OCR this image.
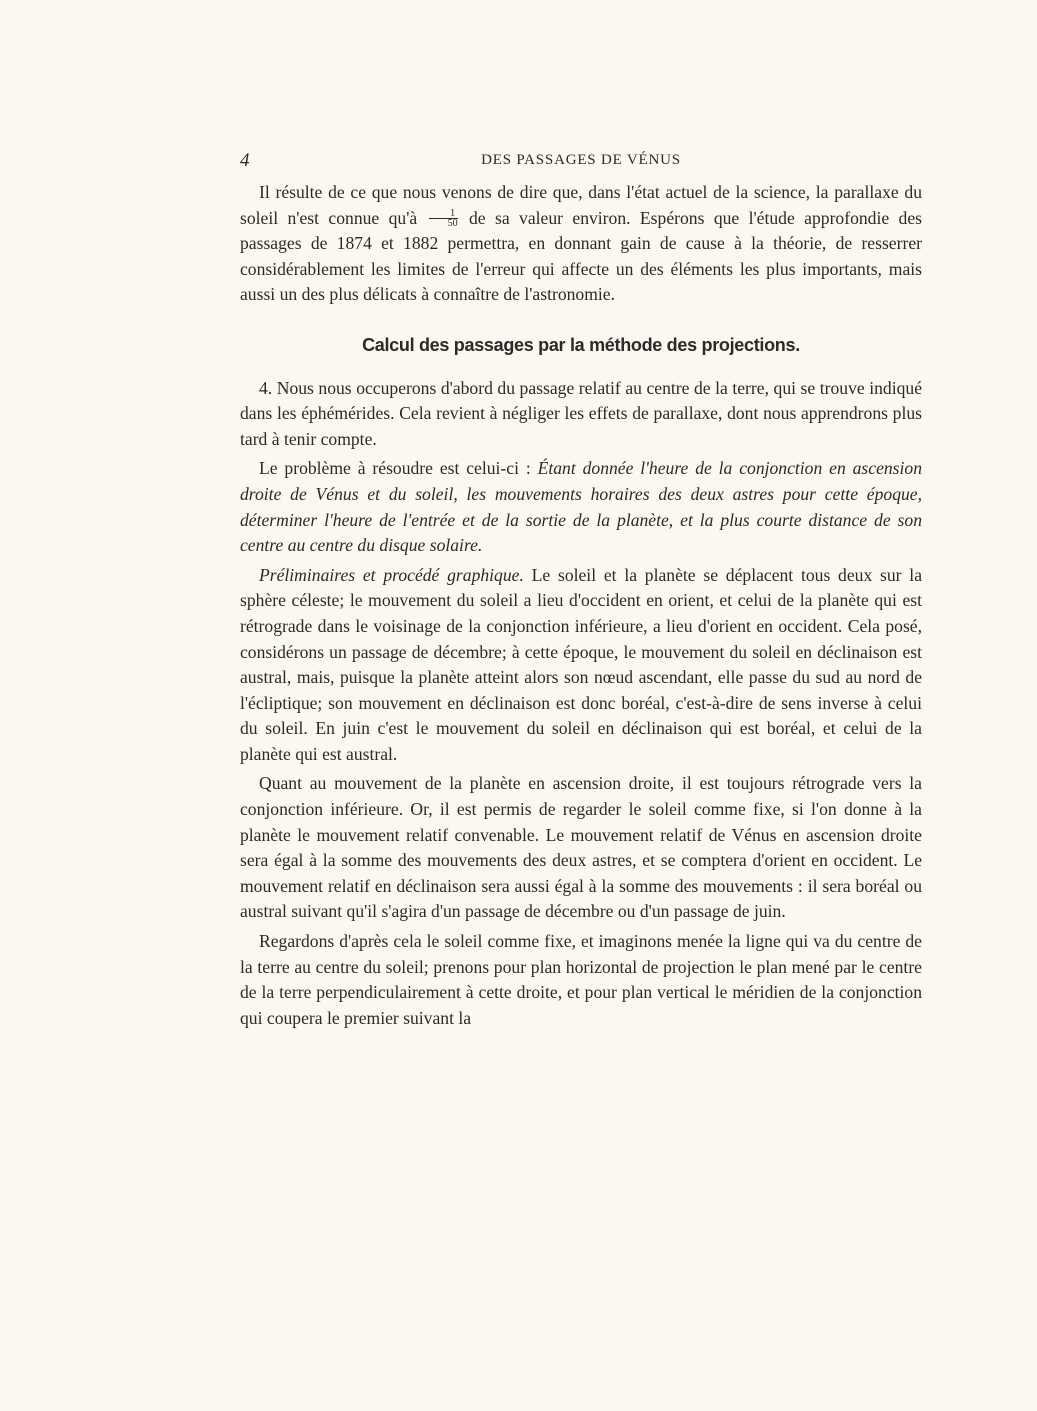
4	DES PASSAGES DE VÉNUS

Il résulte de ce que nous venons de dire que, dans l'état actuel de la science, la parallaxe du soleil n'est connue qu'à $\frac{1}{50}$ de sa valeur environ. Espérons que l'étude approfondie des passages de 1874 et 1882 permettra, en donnant gain de cause à la théorie, de resserrer considérablement les limites de l'erreur qui affecte un des éléments les plus importants, mais aussi un des plus délicats à connaître de l'astronomie.

Calcul des passages par la méthode des projections.

4. Nous nous occuperons d'abord du passage relatif au centre de la terre, qui se trouve indiqué dans les éphémérides. Cela revient à négliger les effets de parallaxe, dont nous apprendrons plus tard à tenir compte.

Le problème à résoudre est celui-ci : Étant donnée l'heure de la conjonction en ascension droite de Vénus et du soleil, les mouvements horaires des deux astres pour cette époque, déterminer l'heure de l'entrée et de la sortie de la planète, et la plus courte distance de son centre au centre du disque solaire.

Préliminaires et procédé graphique. Le soleil et la planète se déplacent tous deux sur la sphère céleste; le mouvement du soleil a lieu d'occident en orient, et celui de la planète qui est rétrograde dans le voisinage de la conjonction inférieure, a lieu d'orient en occident. Cela posé, considérons un passage de décembre; à cette époque, le mouvement du soleil en déclinaison est austral, mais, puisque la planète atteint alors son nœud ascendant, elle passe du sud au nord de l'écliptique; son mouvement en déclinaison est donc boréal, c'est-à-dire de sens inverse à celui du soleil. En juin c'est le mouvement du soleil en déclinaison qui est boréal, et celui de la planète qui est austral.

Quant au mouvement de la planète en ascension droite, il est toujours rétrograde vers la conjonction inférieure. Or, il est permis de regarder le soleil comme fixe, si l'on donne à la planète le mouvement relatif convenable. Le mouvement relatif de Vénus en ascension droite sera égal à la somme des mouvements des deux astres, et se comptera d'orient en occident. Le mouvement relatif en déclinaison sera aussi égal à la somme des mouvements : il sera boréal ou austral suivant qu'il s'agira d'un passage de décembre ou d'un passage de juin.

Regardons d'après cela le soleil comme fixe, et imaginons menée la ligne qui va du centre de la terre au centre du soleil; prenons pour plan horizontal de projection le plan mené par le centre de la terre perpendiculairement à cette droite, et pour plan vertical le méridien de la conjonction qui coupera le premier suivant la
